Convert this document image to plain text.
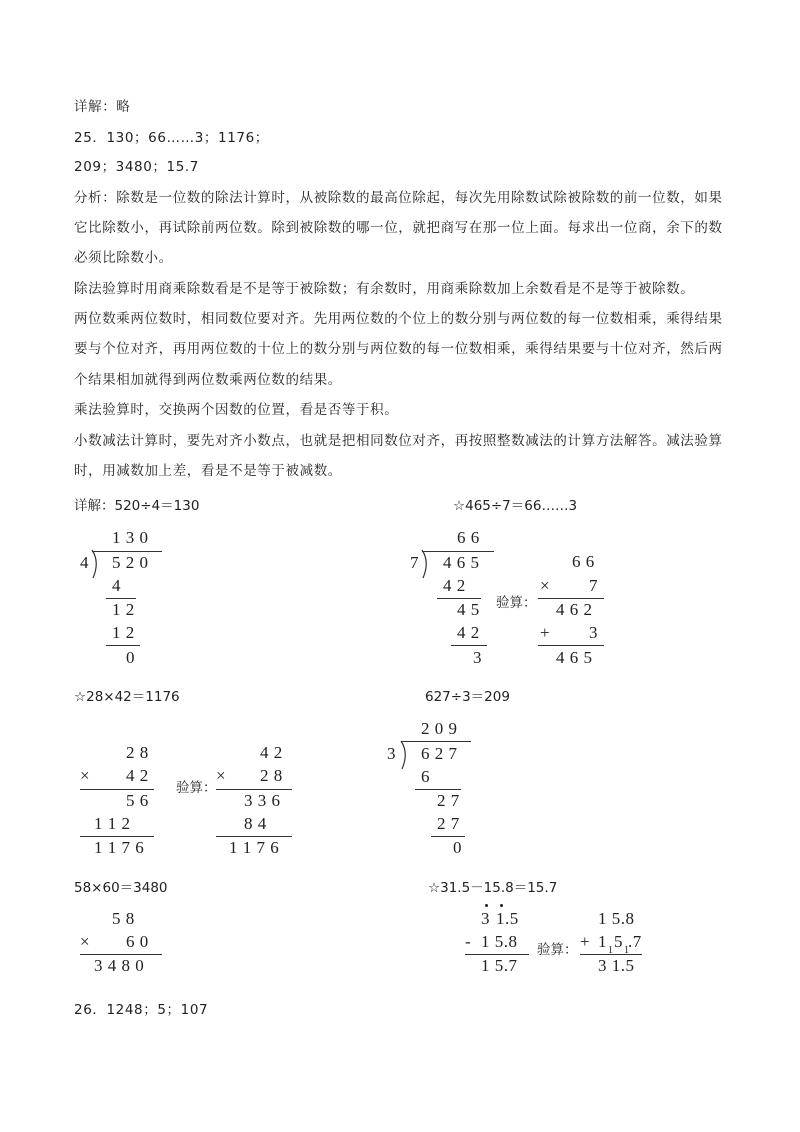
详解：略
25．130；66……3；1176；
209；3480；15.7
分析：除数是一位数的除法计算时，从被除数的最高位除起，每次先用除数试除被除数的前一位数，如果
它比除数小，再试除前两位数。除到被除数的哪一位，就把商写在那一位上面。每求出一位商，余下的数
必须比除数小。
除法验算时用商乘除数看是不是等于被除数；有余数时，用商乘除数加上余数看是不是等于被除数。
两位数乘两位数时，相同数位要对齐。先用两位数的个位上的数分别与两位数的每一位数相乘，乘得结果
要与个位对齐，再用两位数的十位上的数分别与两位数的每一位数相乘，乘得结果要与十位对齐，然后两
个结果相加就得到两位数乘两位数的结果。
乘法验算时，交换两个因数的位置，看是否等于积。
小数减法计算时，要先对齐小数点，也就是把相同数位对齐，再按照整数减法的计算方法解答。减法验算
时，用减数加上差，看是不是等于被减数。
详解：520÷4＝130	☆465÷7＝66……3
☆28×42＝1176	627÷3＝209
58×60＝3480	☆31.5－15.8＝15.7
1 3 0
4 5 2 0
4
1 2
1 2
0
6 6
7 4 6 5
4 2
4 5
4 2
3
验算：
6 6
× 7
4 6 2
+ 3
4 6 5
2 8
× 4 2
5 6
1 1 2
1 1 7 6
验算：
4 2
× 2 8
3 3 6
8 4
1 1 7 6
2 0 9
3 6 2 7
6
2 7
2 7
0
5 8
× 6 0
3 4 8 0
3 1 .5
- 1 5.8
1 5.7
验算：
1 5.8
+ 1 1 5 1 .7
3 1.5
26．1248；5；107
